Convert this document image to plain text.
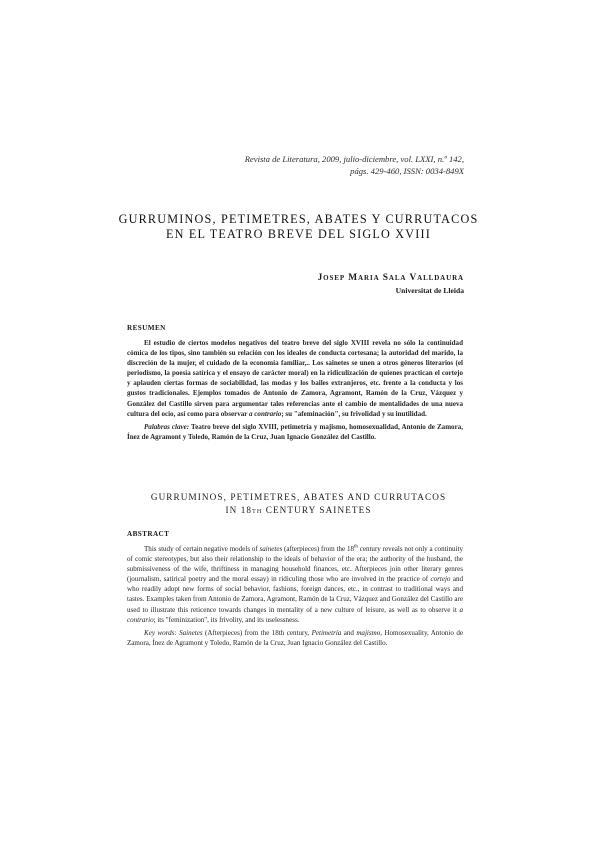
Revista de Literatura, 2009, julio-diciembre, vol. LXXI, n.º 142,
págs. 429-460, ISSN: 0034-849X
GURRUMINOS, PETIMETRES, ABATES Y CURRUTACOS
EN EL TEATRO BREVE DEL SIGLO XVIII
Josep Maria Sala Valldaura
Universitat de Lleida
RESUMEN

El estudio de ciertos modelos negativos del teatro breve del siglo XVIII revela no sólo la continuidad cómica de los tipos, sino también su relación con los ideales de conducta cortesana; la autoridad del marido, la discreción de la mujer, el cuidado de la economía familiar,.. Los sainetes se unen a otros géneros literarios (el periodismo, la poesía satírica y el ensayo de carácter moral) en la ridiculización de quienes practican el cortejo y aplauden ciertas formas de sociabilidad, las modas y los bailes extranjeros, etc. frente a la conducta y los gustos tradicionales. Ejemplos tomados de Antonio de Zamora, Agramont, Ramón de la Cruz, Vázquez y González del Castillo sirven para argumentar tales referencias ante el cambio de mentalidades de una nueva cultura del ocio, así como para observar a contrario; su "afeminación", su frivolidad y su inutilidad.

Palabras clave: Teatro breve del siglo XVIII, petimetría y majismo, homosexualidad, Antonio de Zamora, Ínez de Agramont y Toledo, Ramón de la Cruz, Juan Ignacio González del Castillo.

GURRUMINOS, PETIMETRES, ABATES AND CURRUTACOS
IN 18th CENTURY SAINETES
ABSTRACT

This study of certain negative models of sainetes (afterpieces) from the 18th century reveals not only a continuity of comic stereotypes, but also their relationship to the ideals of behavior of the era; the authority of the husband, the submissiveness of the wife, thriftiness in managing household finances, etc. Afterpieces join other literary genres (journalism, satirical poetry and the moral essay) in ridiculing those who are involved in the practice of cortejo and who readily adopt new forms of social behavior, fashions, foreign dances, etc., in contrast to traditional ways and tastes. Examples taken from Antonio de Zamora, Agramont, Ramón de la Cruz, Vázquez and González del Castillo are used to illustrate this reticence towards changes in mentality of a new culture of leisure, as well as to observe it a contrario; its "feminization", its frivolity, and its uselessness.

Key words: Sainetes (Afterpieces) from the 18th century, Petimetría and majismo, Homosexuality, Antonio de Zamora, Ínez de Agramont y Toledo, Ramón de la Cruz, Juan Ignacio González del Castillo.
